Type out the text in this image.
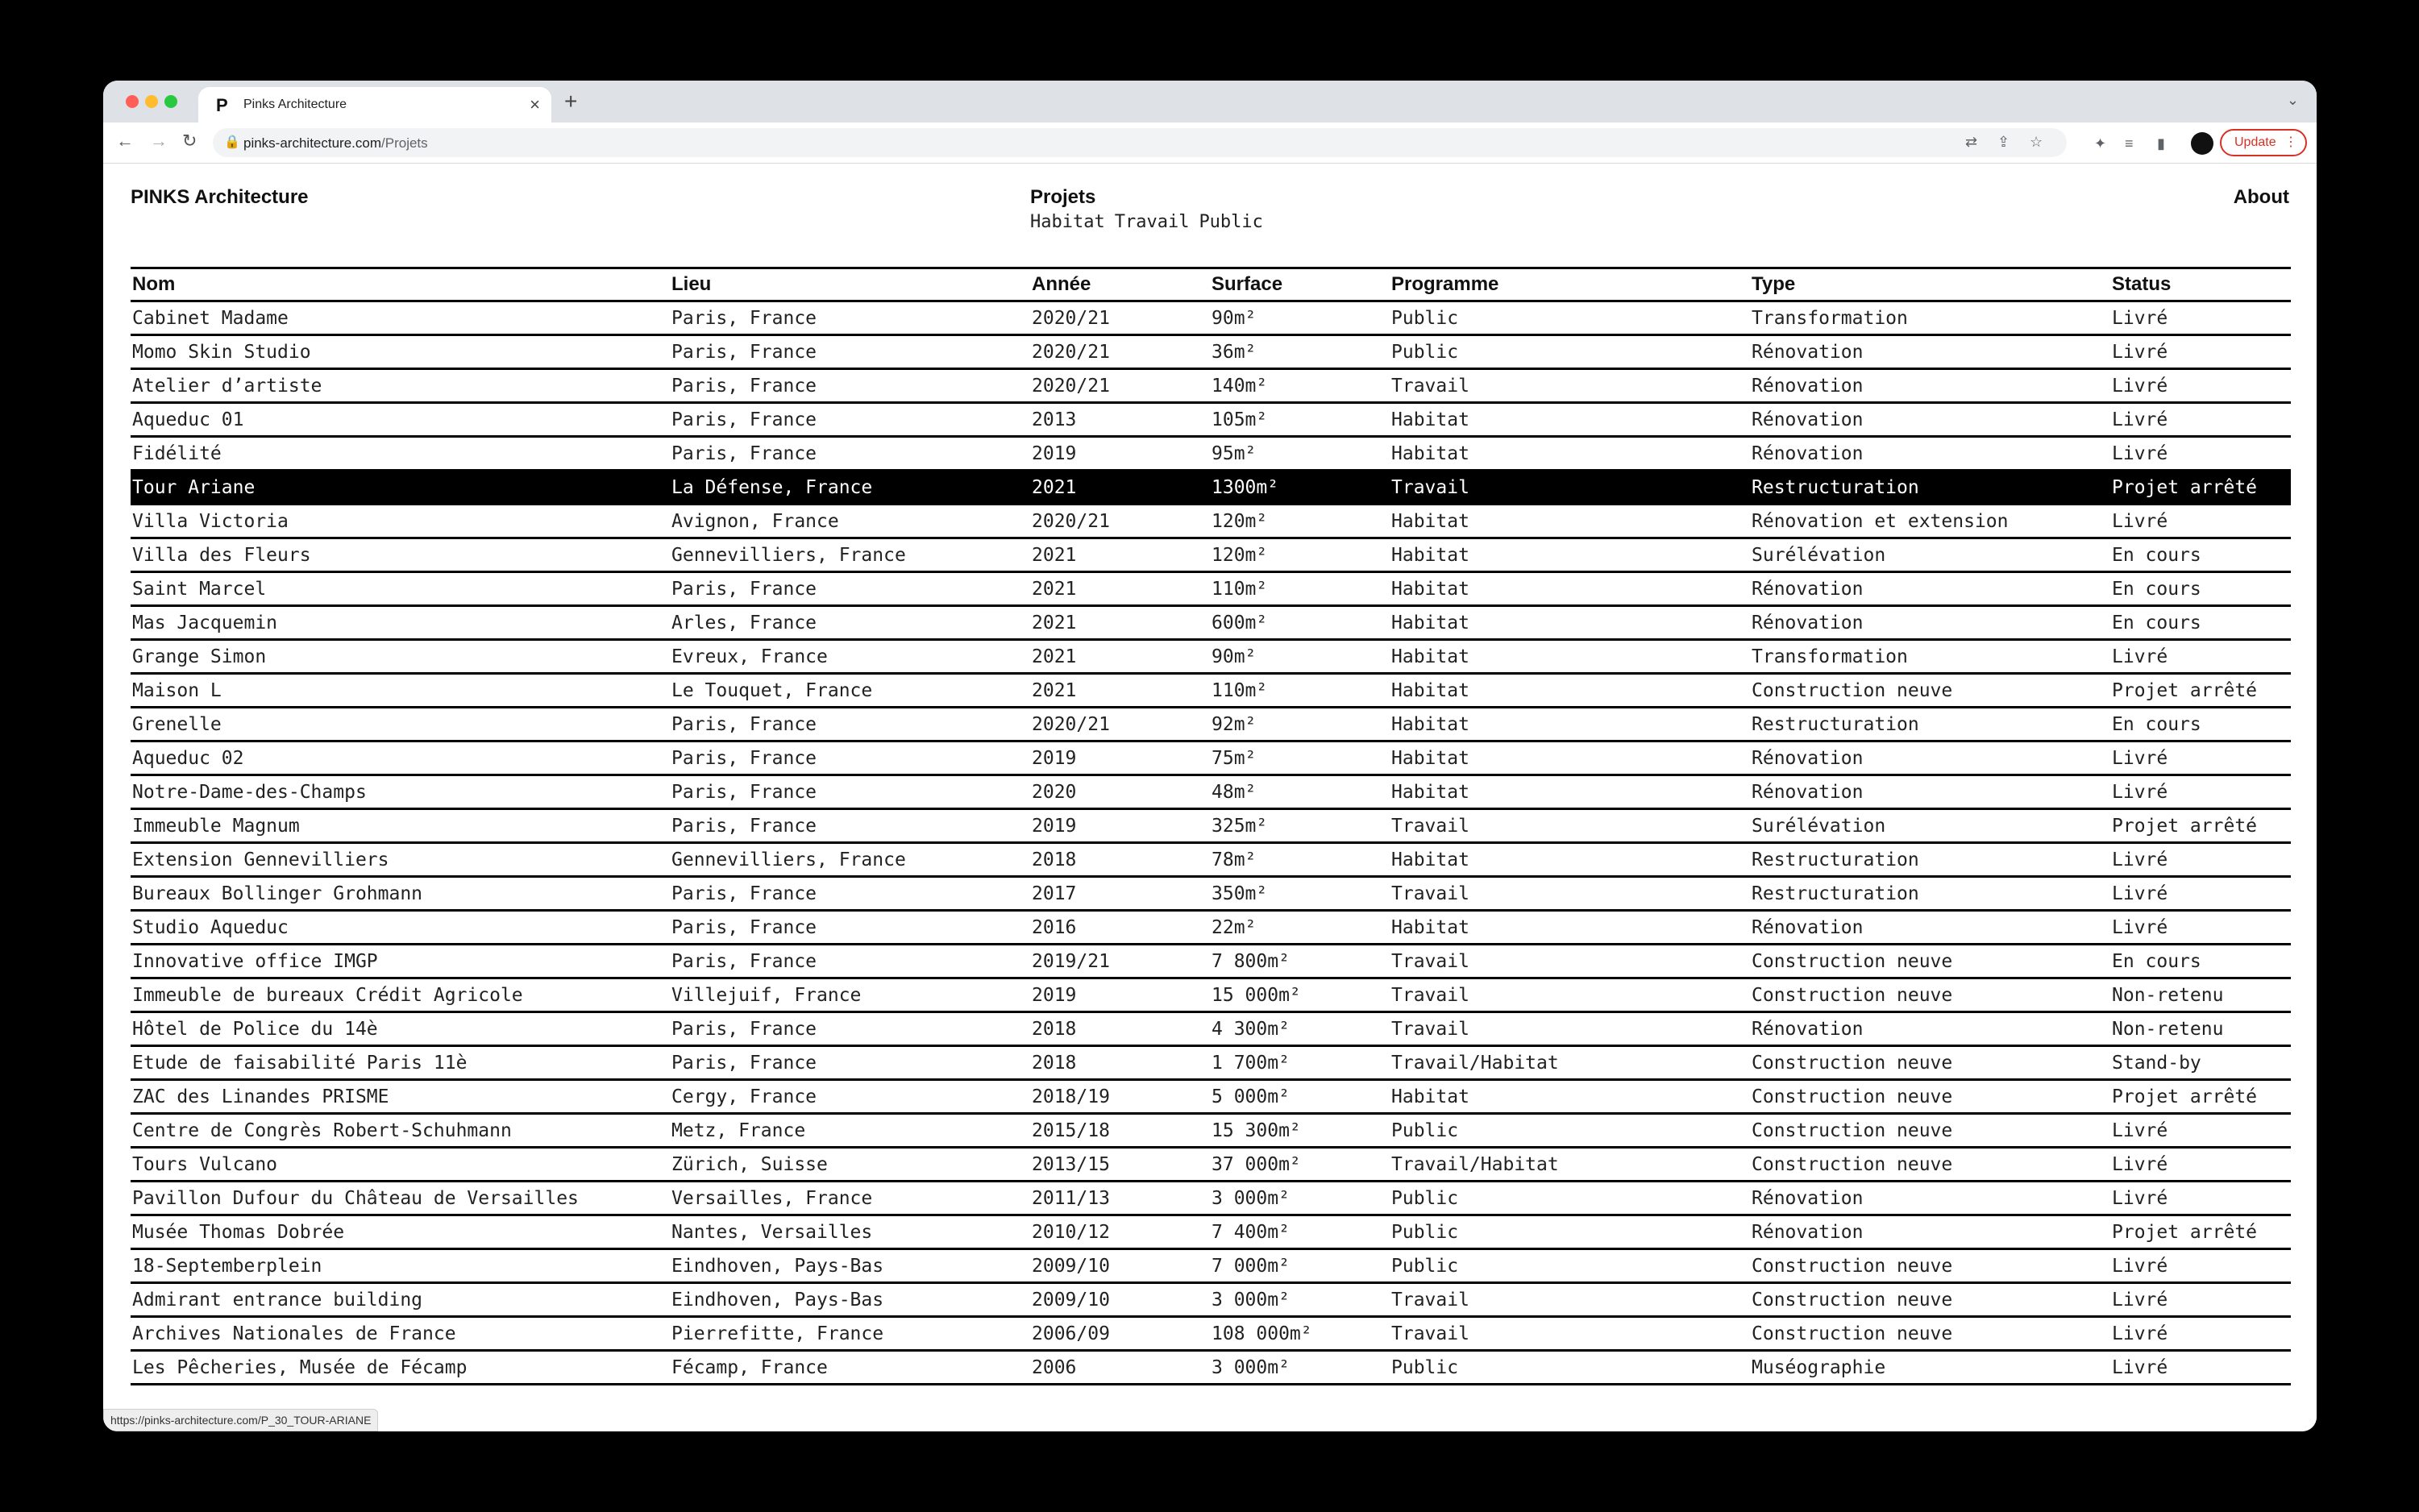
P Pinks Architecture	× +	⌄
← → ↻ 🔒 pinks-architecture.com/Projets	⇄ ⇪ ☆	✦ ≡ ▮	Update ⋮
PINKS Architecture	Projets
Habitat Travail Public
About
Nom	Lieu	Année	Surface	Programme	Type	Status
Cabinet Madame	Paris, France	2020/21	90m²	Public	Transformation	Livré
Momo Skin Studio	Paris, France	2020/21	36m²	Public	Rénovation	Livré
Atelier d’artiste	Paris, France	2020/21	140m²	Travail	Rénovation	Livré
Aqueduc 01	Paris, France	2013	105m²	Habitat	Rénovation	Livré
Fidélité	Paris, France	2019	95m²	Habitat	Rénovation	Livré
Tour Ariane	La Défense, France	2021	1300m²	Travail	Restructuration	Projet arrêté
Villa Victoria	Avignon, France	2020/21	120m²	Habitat	Rénovation et extension	Livré
Villa des Fleurs	Gennevilliers, France	2021	120m²	Habitat	Surélévation	En cours
Saint Marcel	Paris, France	2021	110m²	Habitat	Rénovation	En cours
Mas Jacquemin	Arles, France	2021	600m²	Habitat	Rénovation	En cours
Grange Simon	Evreux, France	2021	90m²	Habitat	Transformation	Livré
Maison L	Le Touquet, France	2021	110m²	Habitat	Construction neuve	Projet arrêté
Grenelle	Paris, France	2020/21	92m²	Habitat	Restructuration	En cours
Aqueduc 02	Paris, France	2019	75m²	Habitat	Rénovation	Livré
Notre-Dame-des-Champs	Paris, France	2020	48m²	Habitat	Rénovation	Livré
Immeuble Magnum	Paris, France	2019	325m²	Travail	Surélévation	Projet arrêté
Extension Gennevilliers	Gennevilliers, France	2018	78m²	Habitat	Restructuration	Livré
Bureaux Bollinger Grohmann	Paris, France	2017	350m²	Travail	Restructuration	Livré
Studio Aqueduc	Paris, France	2016	22m²	Habitat	Rénovation	Livré
Innovative office IMGP	Paris, France	2019/21	7 800m²	Travail	Construction neuve	En cours
Immeuble de bureaux Crédit Agricole	Villejuif, France	2019	15 000m²	Travail	Construction neuve	Non-retenu
Hôtel de Police du 14è	Paris, France	2018	4 300m²	Travail	Rénovation	Non-retenu
Etude de faisabilité Paris 11è	Paris, France	2018	1 700m²	Travail/Habitat	Construction neuve	Stand-by
ZAC des Linandes PRISME	Cergy, France	2018/19	5 000m²	Habitat	Construction neuve	Projet arrêté
Centre de Congrès Robert-Schuhmann	Metz, France	2015/18	15 300m²	Public	Construction neuve	Livré
Tours Vulcano	Zürich, Suisse	2013/15	37 000m²	Travail/Habitat	Construction neuve	Livré
Pavillon Dufour du Château de Versailles	Versailles, France	2011/13	3 000m²	Public	Rénovation	Livré
Musée Thomas Dobrée	Nantes, Versailles	2010/12	7 400m²	Public	Rénovation	Projet arrêté
18-Septemberplein	Eindhoven, Pays-Bas	2009/10	7 000m²	Public	Construction neuve	Livré
Admirant entrance building	Eindhoven, Pays-Bas	2009/10	3 000m²	Travail	Construction neuve	Livré
Archives Nationales de France	Pierrefitte, France	2006/09	108 000m²	Travail	Construction neuve	Livré
Les Pêcheries, Musée de Fécamp	Fécamp, France	2006	3 000m²	Public	Muséographie	Livré
https://pinks-architecture.com/P_30_TOUR-ARIANE
